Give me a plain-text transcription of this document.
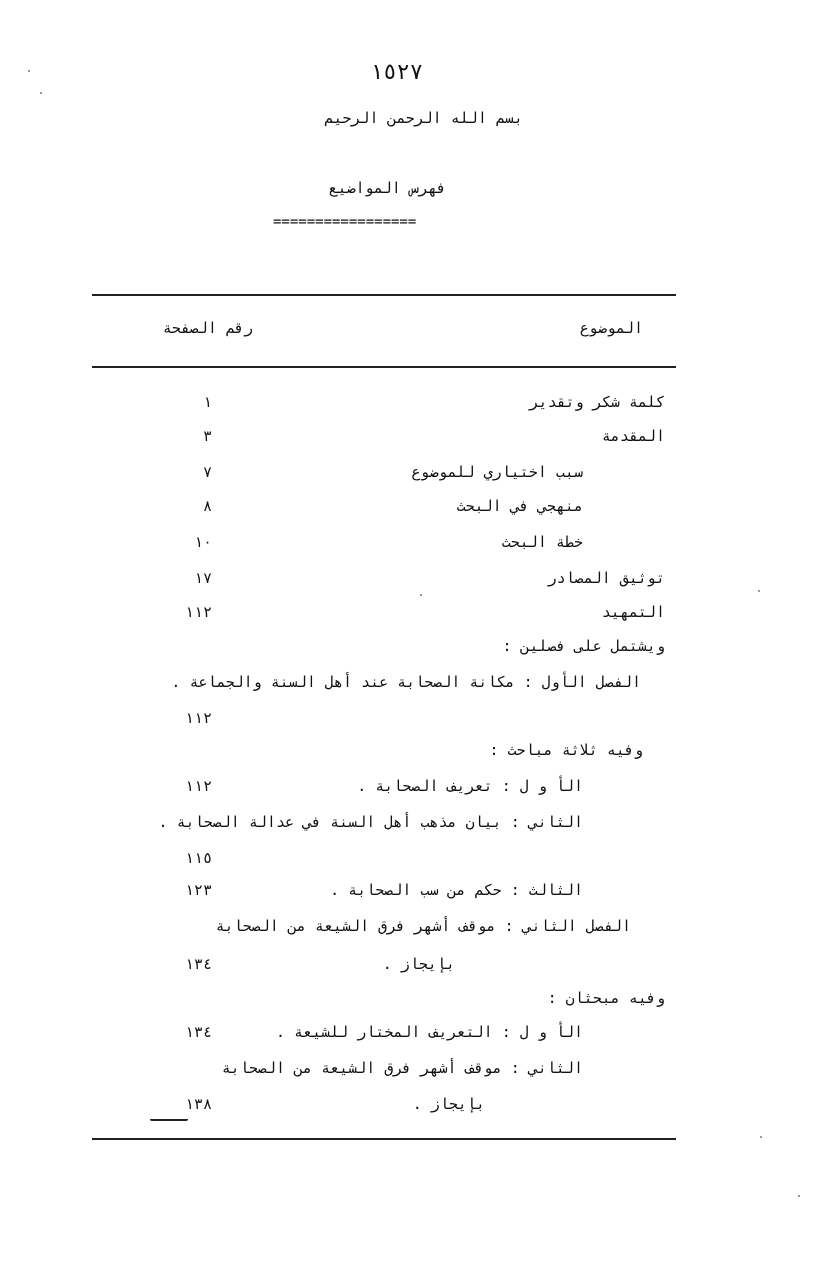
١٥٢٧
بسم الله الرحمن الرحيم
فهرس المواضيع
=================
الموضوع
رقم الصفحة
كلمة شكر وتقدير
١
المقدمة
٣
سبب اختياري للموضوع
٧
منهجي في البحث
٨
خطة البحث
١٠
توثيق المصادر
١٧
التمهيد
١١٢
ويشتمل على فصلين :
الفصل الأول : مكانة الصحابة عند أهل السنة والجماعة .
١١٢
وفيه ثلاثة مباحث :
الأ و ل : تعريف الصحابة .
١١٢
الثاني : بيان مذهب أهل السنة في عدالة الصحابة .
١١٥
الثالث : حكم من سب الصحابة .
١٢٣
الفصل الثاني : موقف أشهر فرق الشيعة من الصحابة
بإيجاز .
١٣٤
وفيه مبحثان :
الأ و ل : التعريف المختار للشيعة .
١٣٤
الثاني : موقف أشهر فرق الشيعة من الصحابة
بإيجاز .
١٣٨
